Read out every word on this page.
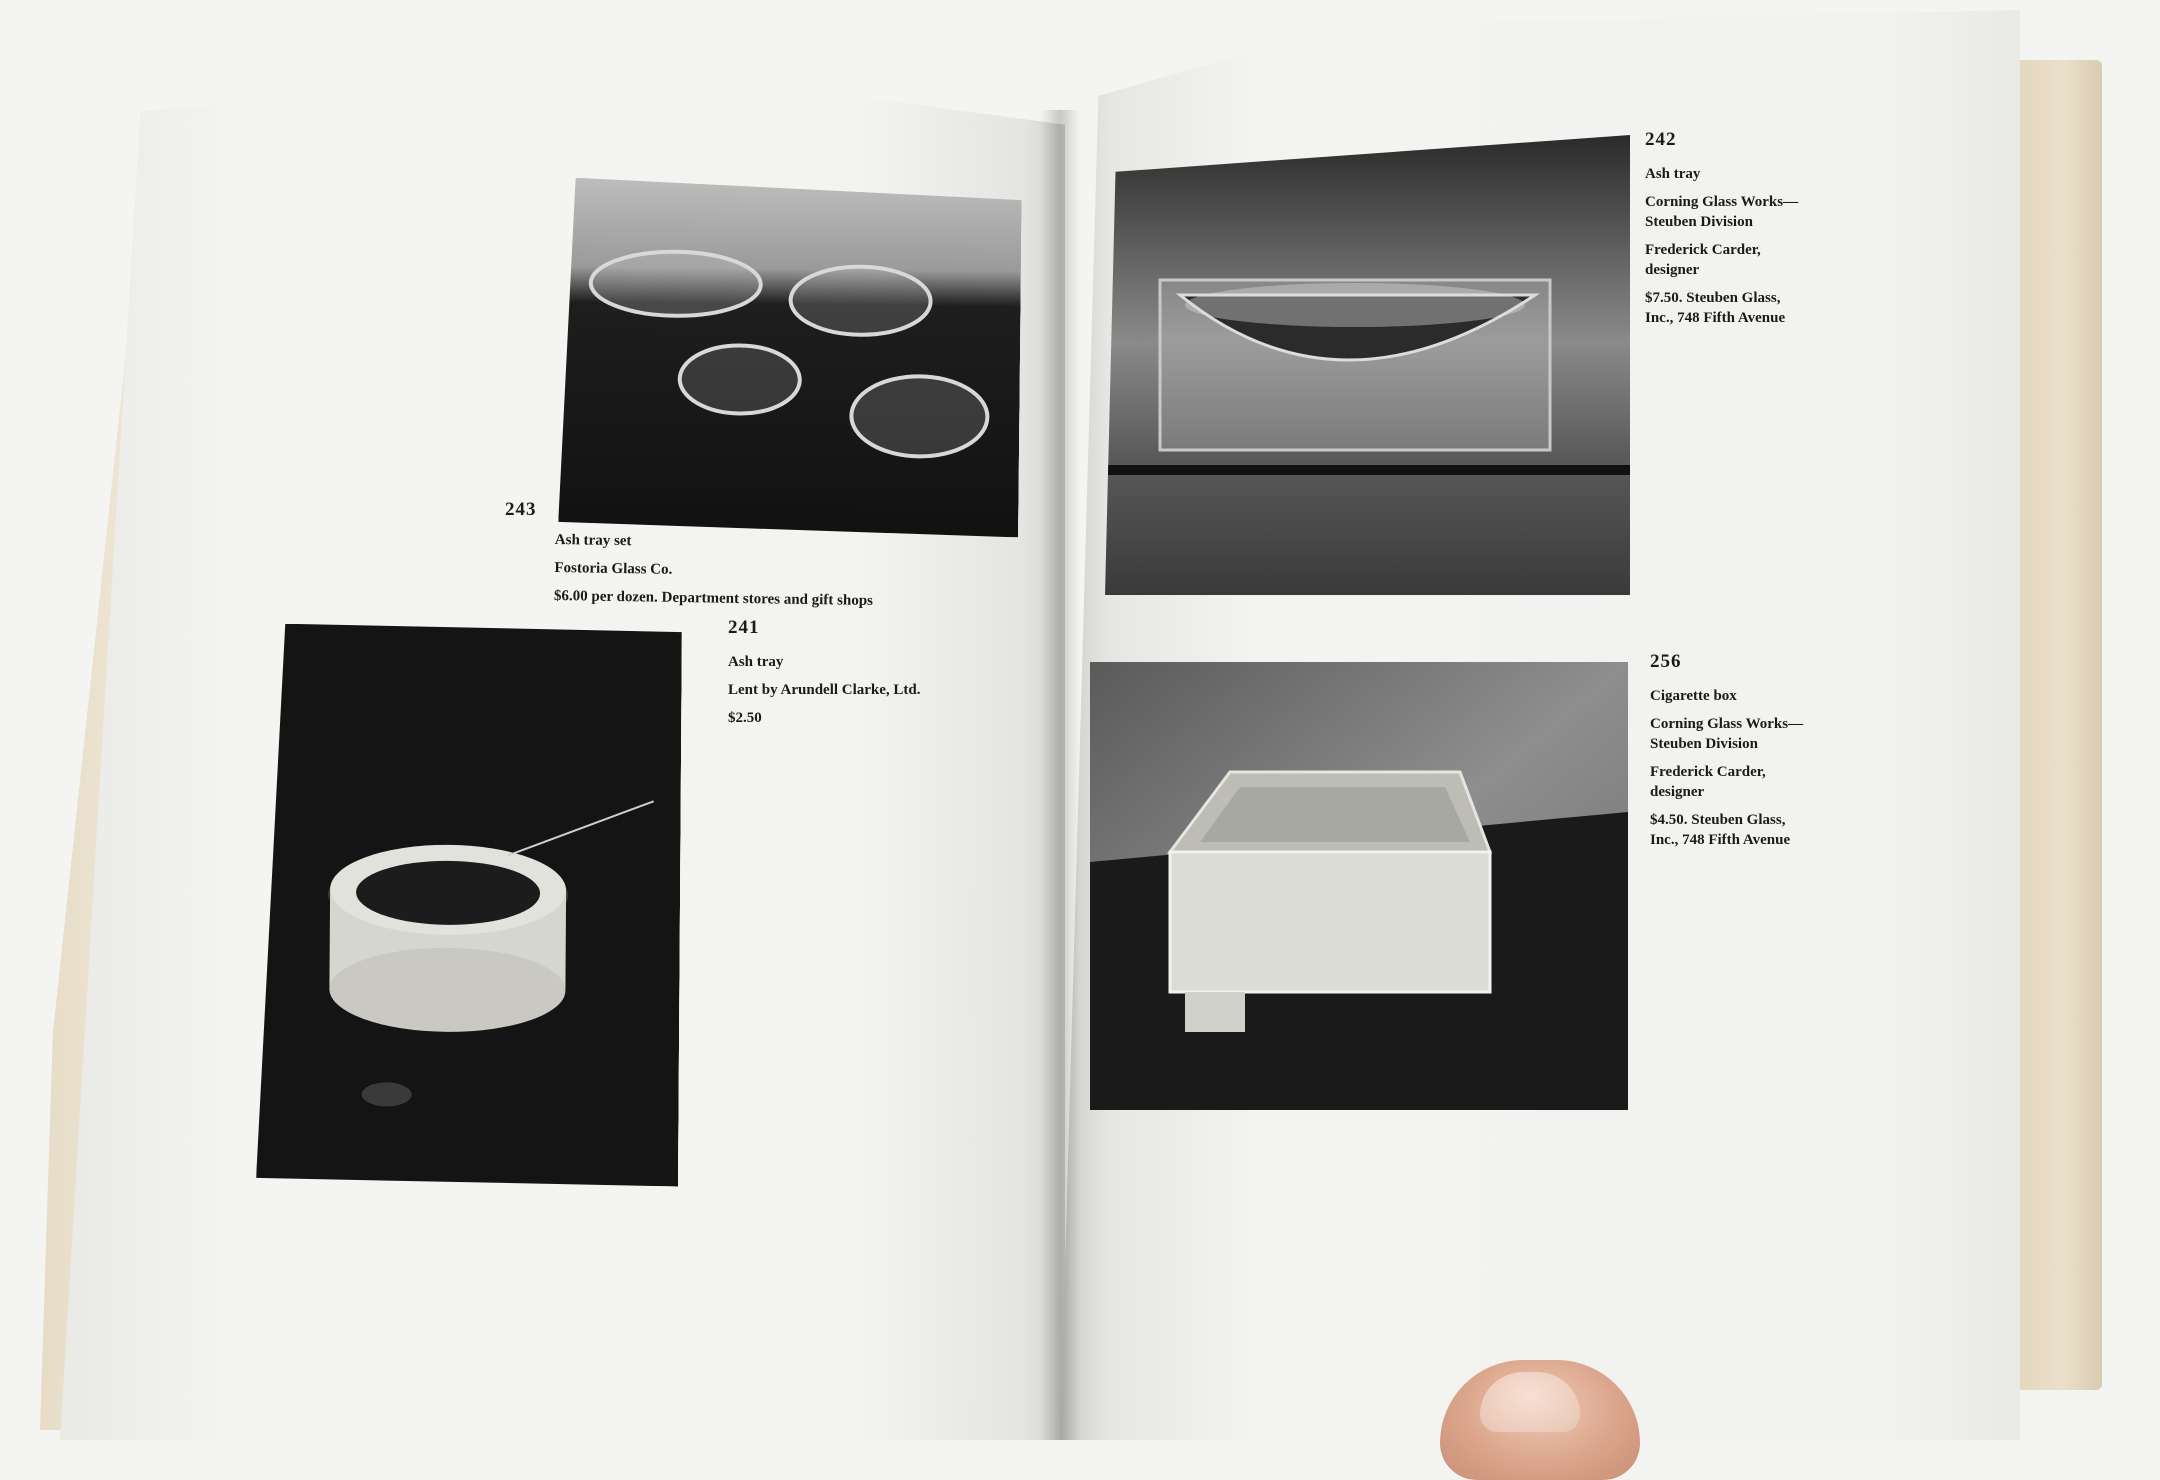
243
Ash tray set
Fostoria Glass Co.
$6.00 per dozen. Department stores and gift shops
241
Ash tray
Lent by Arundell Clarke, Ltd.
$2.50
242
Ash tray
Corning Glass Works—
Steuben Division
Frederick Carder,
designer
$7.50. Steuben Glass,
Inc., 748 Fifth Avenue
256
Cigarette box
Corning Glass Works—
Steuben Division
Frederick Carder,
designer
$4.50. Steuben Glass,
Inc., 748 Fifth Avenue
